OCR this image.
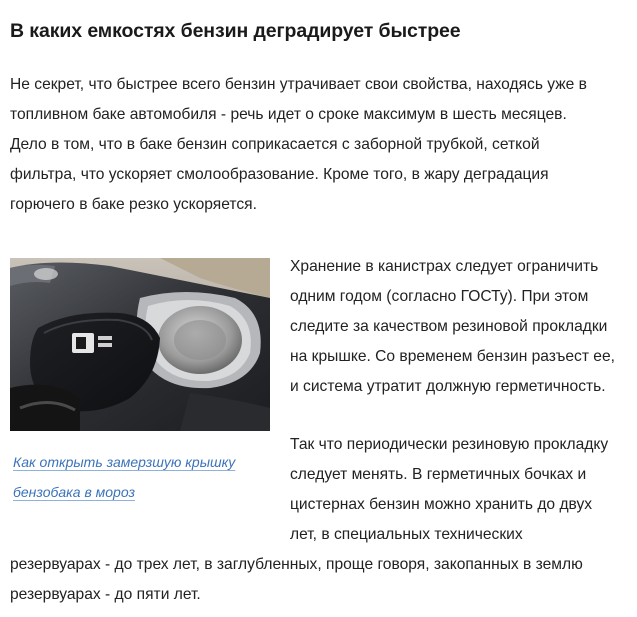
В каких емкостях бензин деградирует быстрее
Не секрет, что быстрее всего бензин утрачивает свои свойства, находясь уже в
топливном баке автомобиля - речь идет о сроке максимум в шесть месяцев.
Дело в том, что в баке бензин соприкасается с заборной трубкой, сеткой
фильтра, что ускоряет смолообразование. Кроме того, в жару деградация
горючего в баке резко ускоряется.
Как открыть замерзшую крышку
бензобака в мороз
Хранение в канистрах следует ограничить
одним годом (согласно ГОСТу). При этом
следите за качеством резиновой прокладки
на крышке. Со временем бензин разъест ее,
и система утратит должную герметичность.
Так что периодически резиновую прокладку
следует менять. В герметичных бочках и
цистернах бензин можно хранить до двух
лет, в специальных технических
резервуарах - до трех лет, в заглубленных, проще говоря, закопанных в землю
резервуарах - до пяти лет.
